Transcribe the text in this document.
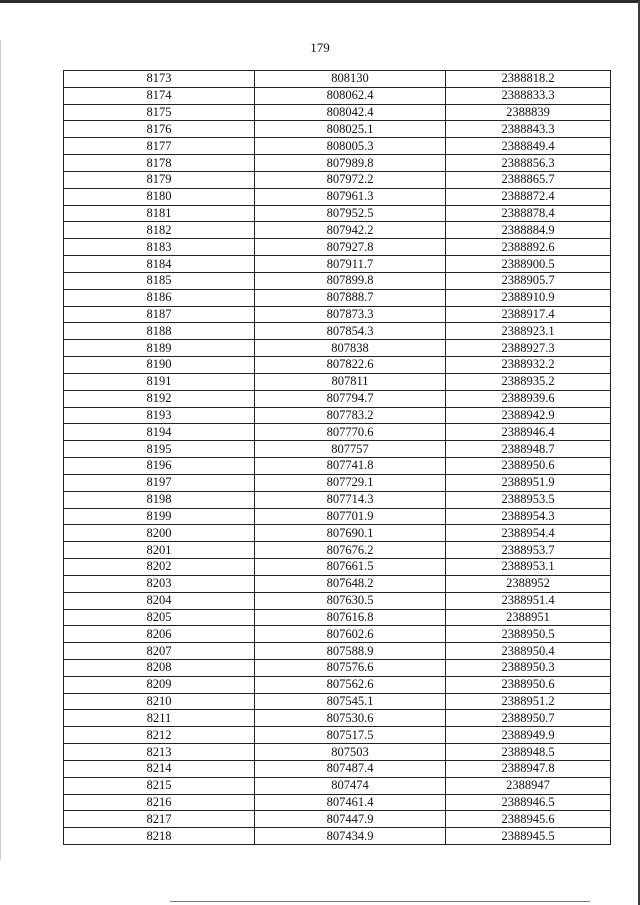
179
8173	808130	2388818.2
8174	808062.4	2388833.3
8175	808042.4	2388839
8176	808025.1	2388843.3
8177	808005.3	2388849.4
8178	807989.8	2388856.3
8179	807972.2	2388865.7
8180	807961.3	2388872.4
8181	807952.5	2388878.4
8182	807942.2	2388884.9
8183	807927.8	2388892.6
8184	807911.7	2388900.5
8185	807899.8	2388905.7
8186	807888.7	2388910.9
8187	807873.3	2388917.4
8188	807854.3	2388923.1
8189	807838	2388927.3
8190	807822.6	2388932.2
8191	807811	2388935.2
8192	807794.7	2388939.6
8193	807783.2	2388942.9
8194	807770.6	2388946.4
8195	807757	2388948.7
8196	807741.8	2388950.6
8197	807729.1	2388951.9
8198	807714.3	2388953.5
8199	807701.9	2388954.3
8200	807690.1	2388954.4
8201	807676.2	2388953.7
8202	807661.5	2388953.1
8203	807648.2	2388952
8204	807630.5	2388951.4
8205	807616.8	2388951
8206	807602.6	2388950.5
8207	807588.9	2388950.4
8208	807576.6	2388950.3
8209	807562.6	2388950.6
8210	807545.1	2388951.2
8211	807530.6	2388950.7
8212	807517.5	2388949.9
8213	807503	2388948.5
8214	807487.4	2388947.8
8215	807474	2388947
8216	807461.4	2388946.5
8217	807447.9	2388945.6
8218	807434.9	2388945.5
